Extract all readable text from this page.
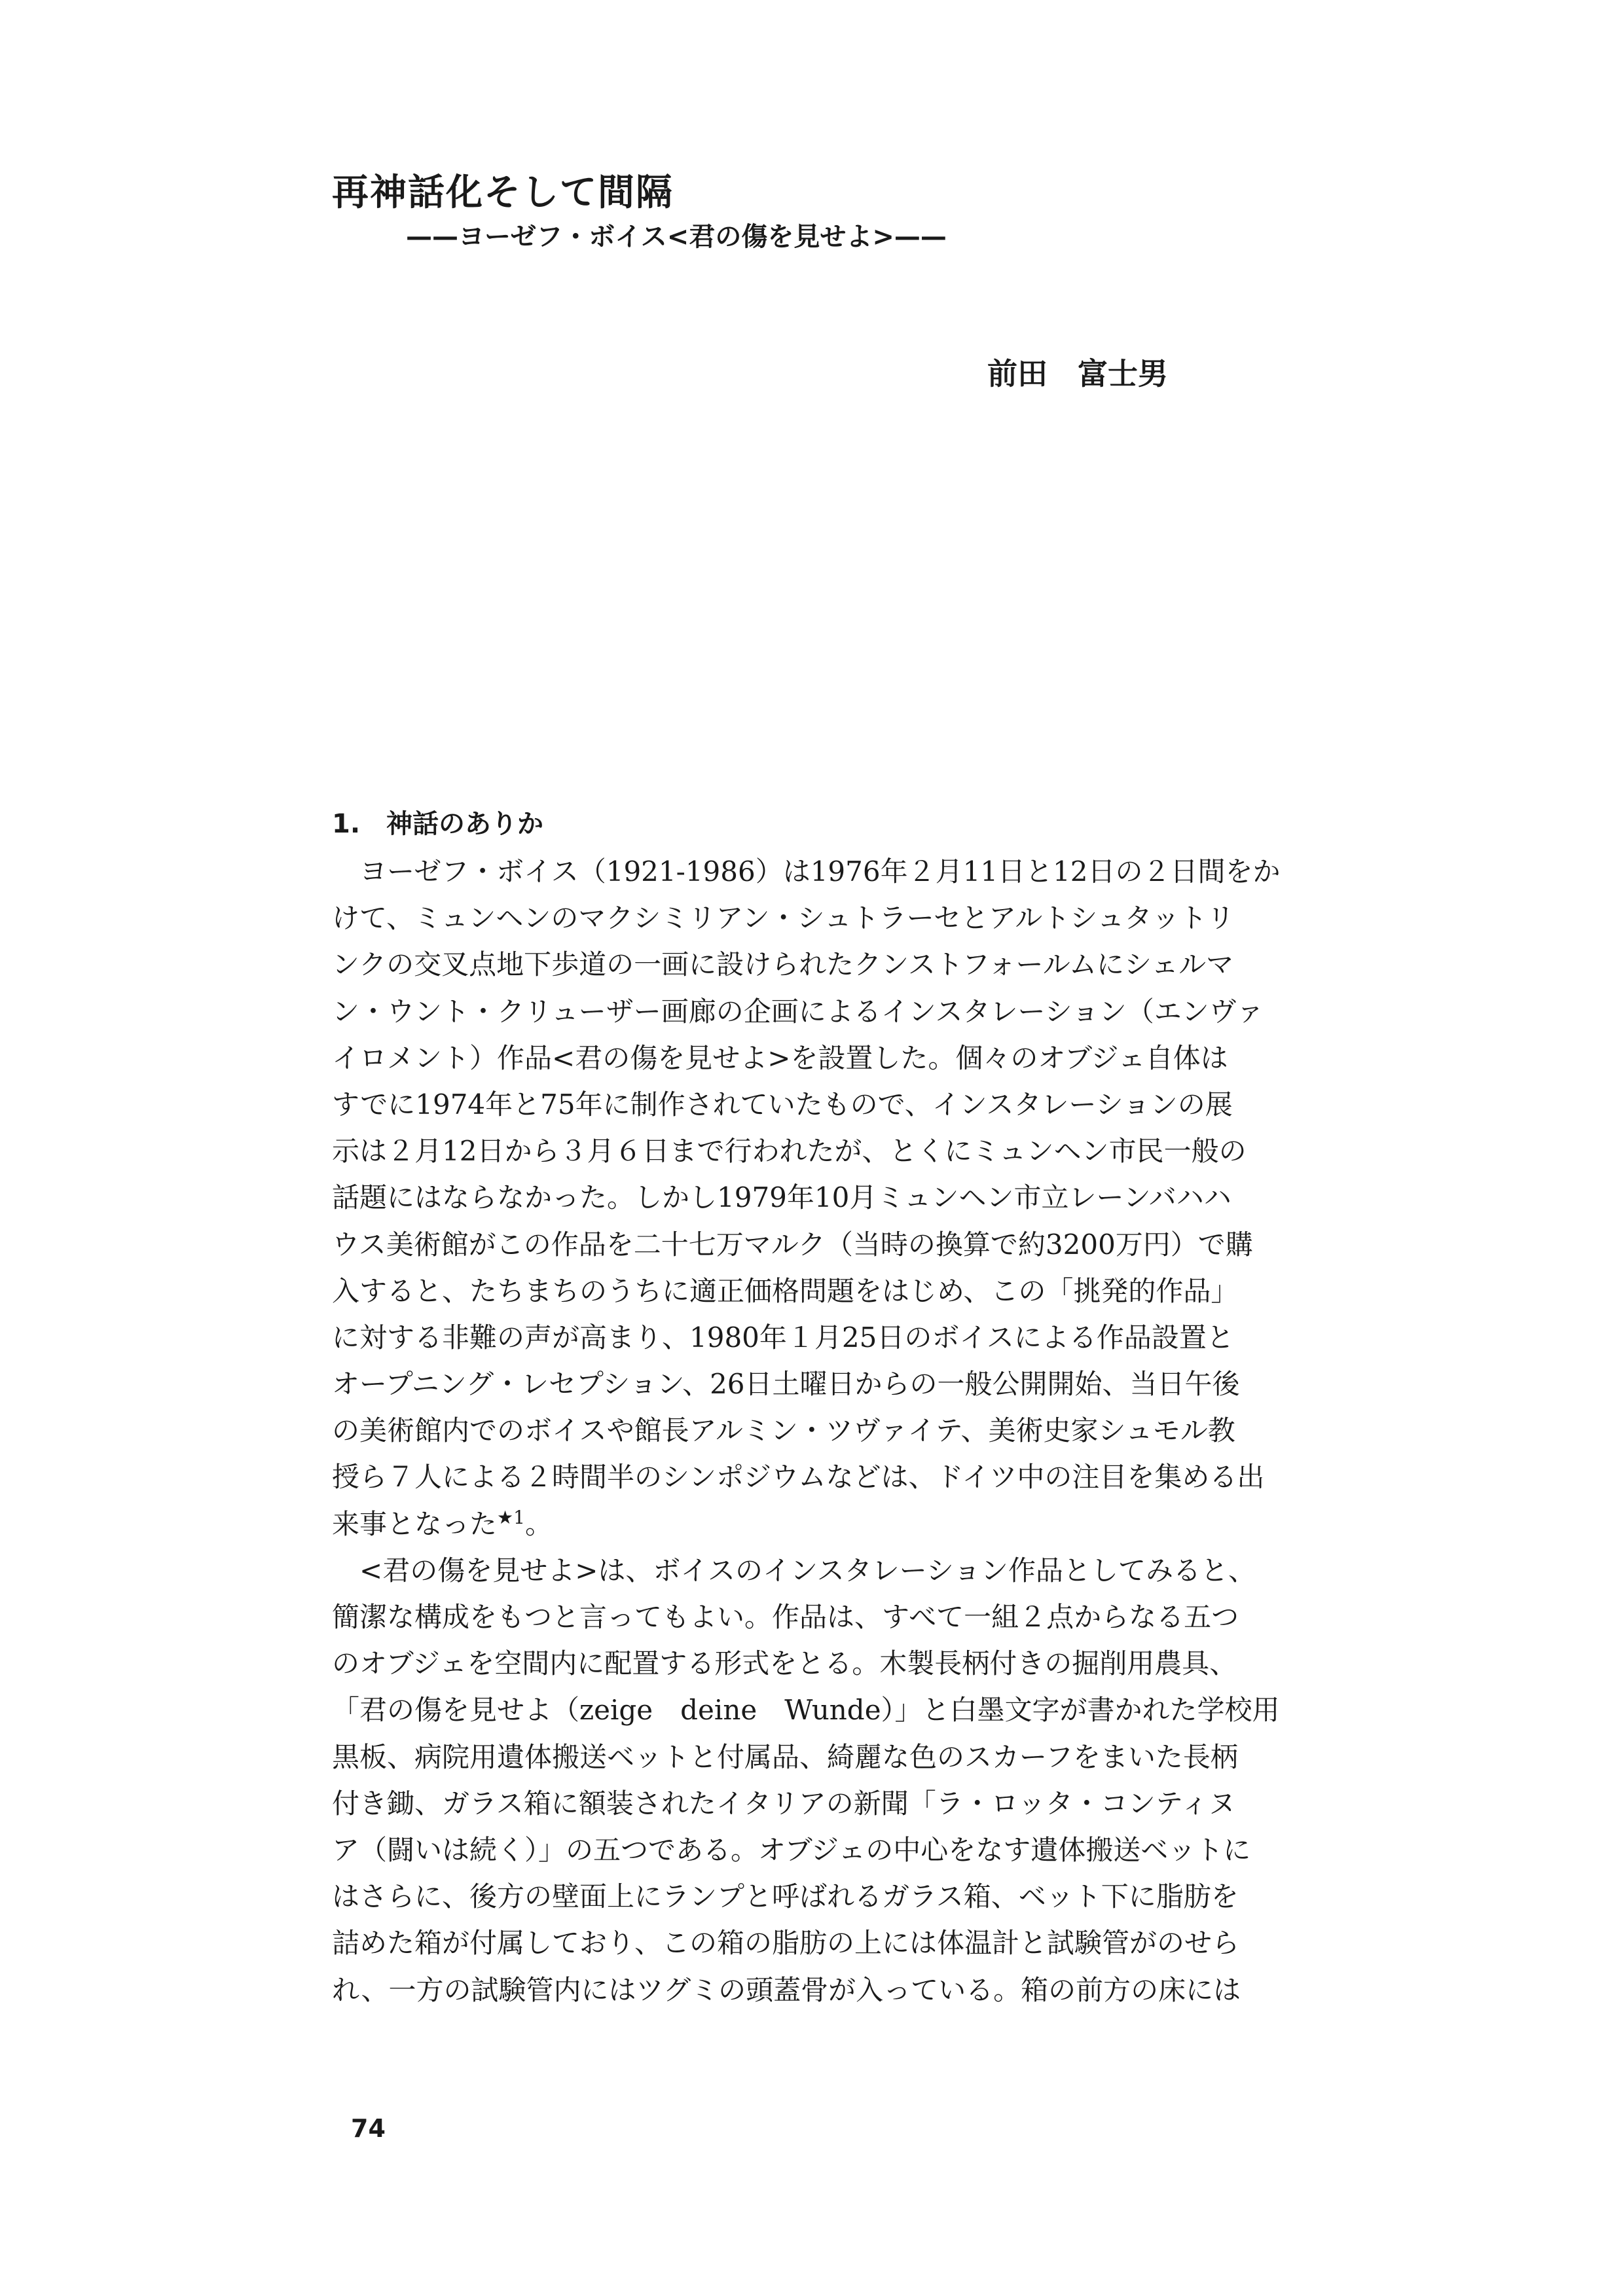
再神話化そして間隔
——ヨーゼフ・ボイス<君の傷を見せよ>——

前田　富士男

1.　神話のありか

ヨーゼフ・ボイス（1921-1986）は1976年２月11日と12日の２日間をか

けて、ミュンヘンのマクシミリアン・シュトラーセとアルトシュタットリ

ンクの交叉点地下歩道の一画に設けられたクンストフォールムにシェルマ

ン・ウント・クリューザー画廊の企画によるインスタレーション（エンヴァ

イロメント）作品<君の傷を見せよ>を設置した。個々のオブジェ自体は

すでに1974年と75年に制作されていたもので、インスタレーションの展

示は２月12日から３月６日まで行われたが、とくにミュンヘン市民一般の

話題にはならなかった。しかし1979年10月ミュンヘン市立レーンバハハ

ウス美術館がこの作品を二十七万マルク（当時の換算で約3200万円）で購

入すると、たちまちのうちに適正価格問題をはじめ、この「挑発的作品」

に対する非難の声が高まり、1980年１月25日のボイスによる作品設置と

オープニング・レセプション、26日土曜日からの一般公開開始、当日午後

の美術館内でのボイスや館長アルミン・ツヴァイテ、美術史家シュモル教

授ら７人による２時間半のシンポジウムなどは、ドイツ中の注目を集める出

来事となった$^{★1}$。

<君の傷を見せよ>は、ボイスのインスタレーション作品としてみると、

簡潔な構成をもつと言ってもよい。作品は、すべて一組２点からなる五つ

のオブジェを空間内に配置する形式をとる。木製長柄付きの掘削用農具、

「君の傷を見せよ（zeige　deine　Wunde）」と白墨文字が書かれた学校用

黒板、病院用遺体搬送ベットと付属品、綺麗な色のスカーフをまいた長柄

付き鋤、ガラス箱に額装されたイタリアの新聞「ラ・ロッタ・コンティヌ

ア（闘いは続く）」の五つである。オブジェの中心をなす遺体搬送ベットに

はさらに、後方の壁面上にランプと呼ばれるガラス箱、ベット下に脂肪を

詰めた箱が付属しており、この箱の脂肪の上には体温計と試験管がのせら

れ、一方の試験管内にはツグミの頭蓋骨が入っている。箱の前方の床には

74
